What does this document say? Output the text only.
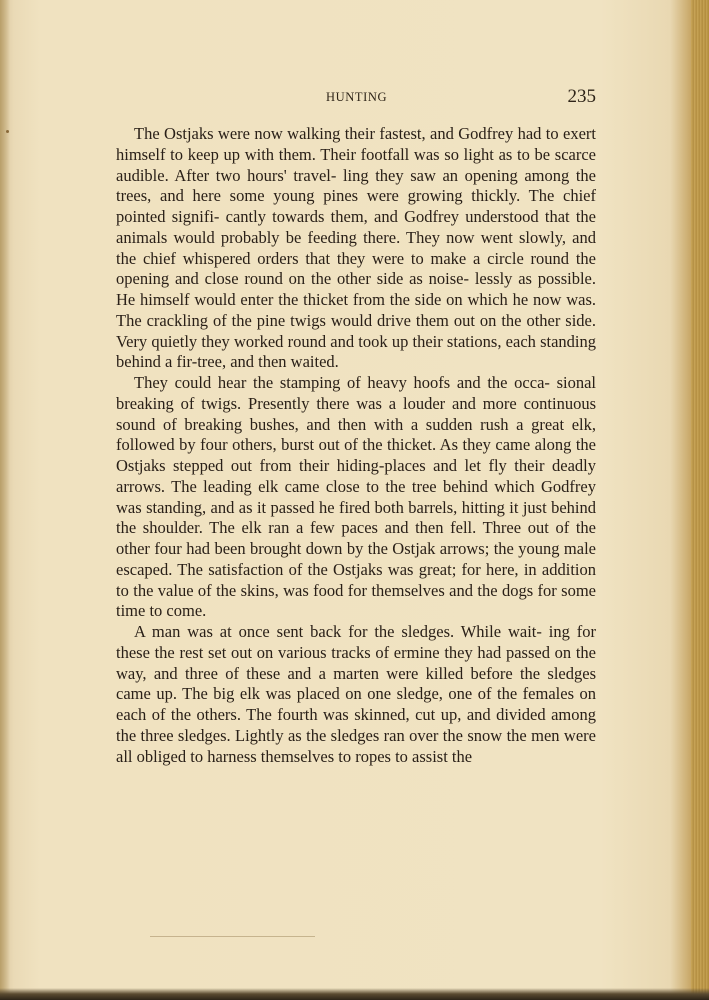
HUNTING	235

The Ostjaks were now walking their fastest, and Godfrey had to exert himself to keep up with them. Their footfall was so light as to be scarce audible. After two hours' travel- ling they saw an opening among the trees, and here some young pines were growing thickly. The chief pointed signifi- cantly towards them, and Godfrey understood that the animals would probably be feeding there. They now went slowly, and the chief whispered orders that they were to make a circle round the opening and close round on the other side as noise- lessly as possible. He himself would enter the thicket from the side on which he now was. The crackling of the pine twigs would drive them out on the other side. Very quietly they worked round and took up their stations, each standing behind a fir-tree, and then waited.

They could hear the stamping of heavy hoofs and the occa- sional breaking of twigs. Presently there was a louder and more continuous sound of breaking bushes, and then with a sudden rush a great elk, followed by four others, burst out of the thicket. As they came along the Ostjaks stepped out from their hiding-places and let fly their deadly arrows. The leading elk came close to the tree behind which Godfrey was standing, and as it passed he fired both barrels, hitting it just behind the shoulder. The elk ran a few paces and then fell. Three out of the other four had been brought down by the Ostjak arrows; the young male escaped. The satisfaction of the Ostjaks was great; for here, in addition to the value of the skins, was food for themselves and the dogs for some time to come.

A man was at once sent back for the sledges. While wait- ing for these the rest set out on various tracks of ermine they had passed on the way, and three of these and a marten were killed before the sledges came up. The big elk was placed on one sledge, one of the females on each of the others. The fourth was skinned, cut up, and divided among the three sledges. Lightly as the sledges ran over the snow the men were all obliged to harness themselves to ropes to assist the
